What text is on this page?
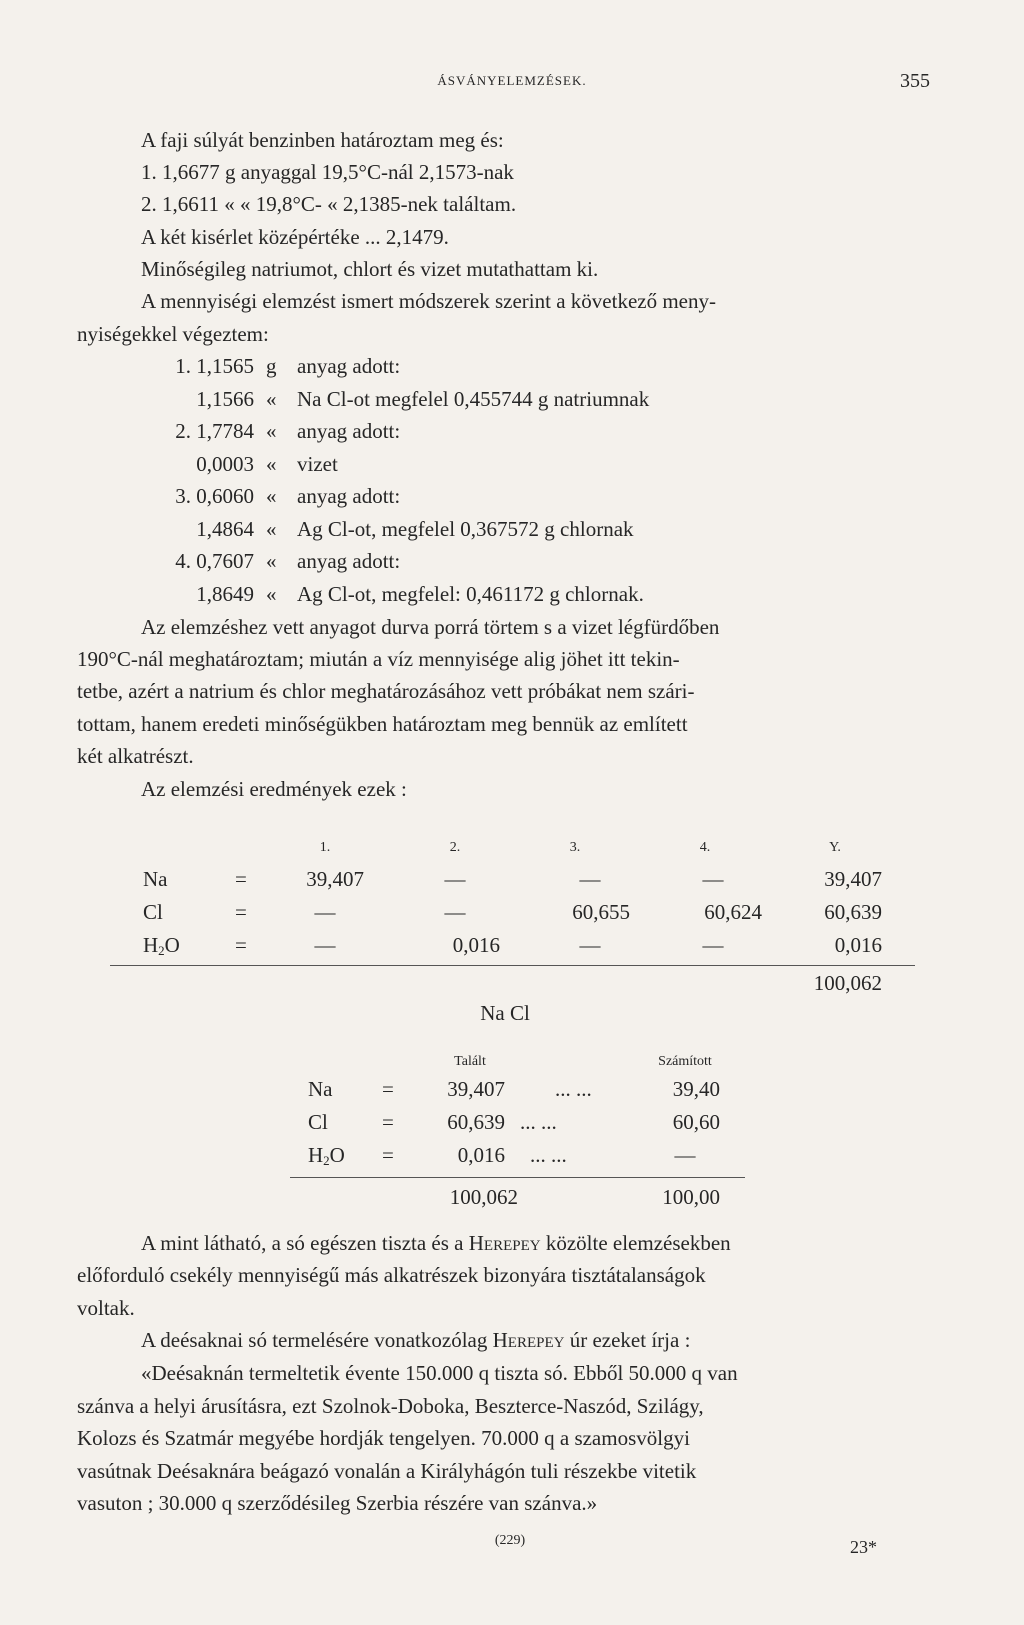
ÁSVÁNYELEMZÉSEK.	355
A faji súlyát benzinben határoztam meg és:
1. 1,6677 g anyaggal 19,5°C-nál 2,1573-nak
2. 1,6611 « « 19,8°C- « 2,1385-nek találtam.
A két kisérlet középértéke ... 2,1479.
Minőségileg natriumot, chlort és vizet mutathattam ki.
A mennyiségi elemzést ismert módszerek szerint a következő meny-
nyiségekkel végeztem:
1. 1,1565 g anyag adott:
1,1566 « Na Cl-ot megfelel 0,455744 g natriumnak
2. 1,7784 « anyag adott:
0,0003 « vizet
3. 0,6060 « anyag adott:
1,4864 « Ag Cl-ot, megfelel 0,367572 g chlornak
4. 0,7607 « anyag adott:
1,8649 « Ag Cl-ot, megfelel: 0,461172 g chlornak.
Az elemzéshez vett anyagot durva porrá törtem s a vizet légfürdőben
190°C-nál meghatároztam; miután a víz mennyisége alig jöhet itt tekin-
tetbe, azért a natrium és chlor meghatározásához vett próbákat nem szári-
tottam, hanem eredeti minőségükben határoztam meg bennük az említett
két alkatrészt.
Az elemzési eredmények ezek :
1.	2.	3.	4.	Y.
Na	=	39,407	—	—	—	39,407
Cl	=	—	—	60,655	60,624	60,639
$H_2O$	=	—	0,016	—	—	0,016
100,062
Na Cl
Talált	Számított
Na =	39,407 ... ...	39,40
Cl	=	60,639 ... ...	60,60
$H_2O$ =	0,016 ... ...	—
100,062	100,00
A mint látható, a só egészen tiszta és a Herepey közölte elemzésekben
előforduló csekély mennyiségű más alkatrészek bizonyára tisztátalanságok
voltak.
A deésaknai só termelésére vonatkozólag Herepey úr ezeket írja :
«Deésaknán termeltetik évente 150.000 q tiszta só. Ebből 50.000 q van
szánva a helyi árusításra, ezt Szolnok-Doboka, Beszterce-Naszód, Szilágy,
Kolozs és Szatmár megyébe hordják tengelyen. 70.000 q a szamosvölgyi
vasútnak Deésaknára beágazó vonalán a Királyhágón tuli részekbe vitetik
vasuton ; 30.000 q szerződésileg Szerbia részére van szánva.»
(229)	23*
